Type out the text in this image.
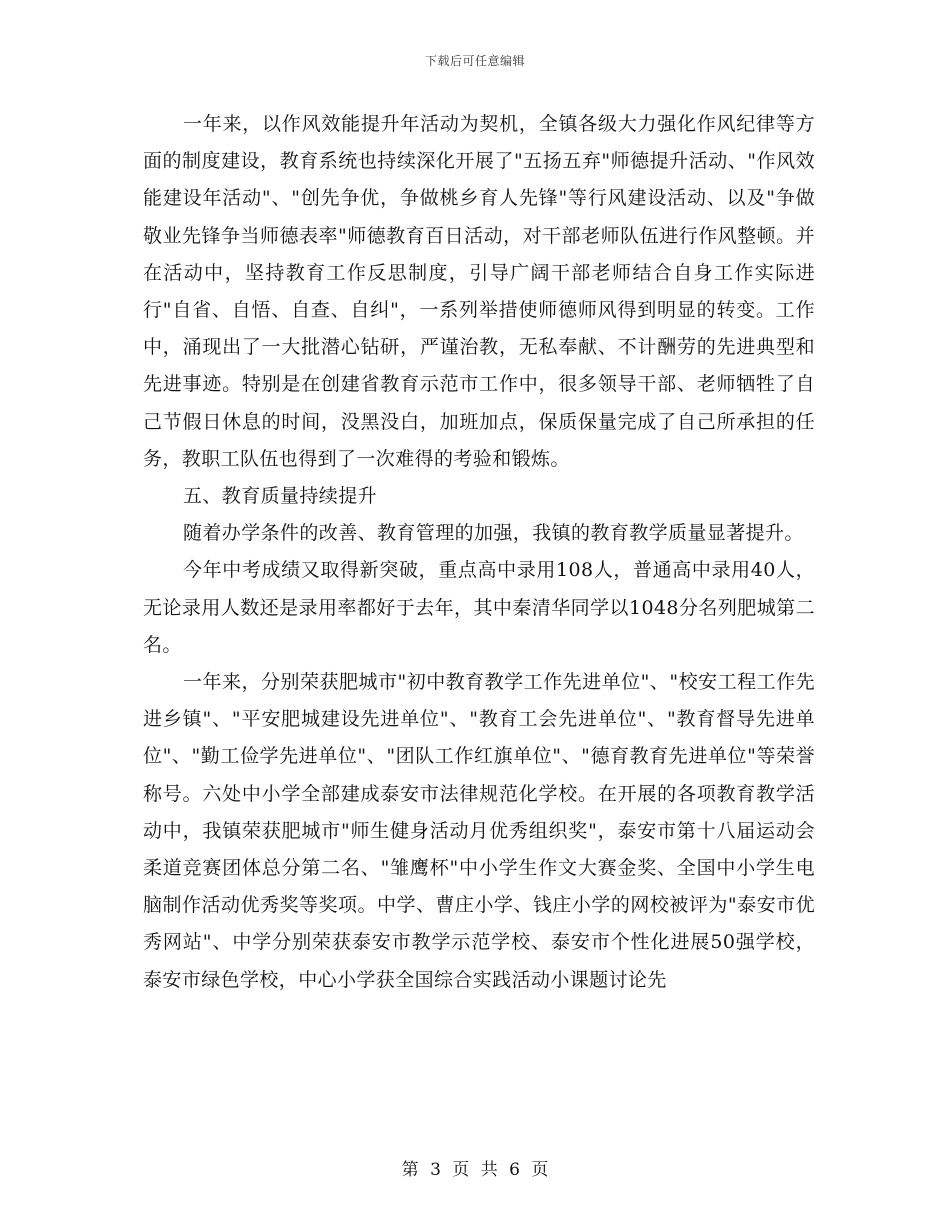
下载后可任意编辑

一年来，以作风效能提升年活动为契机，全镇各级大力强化作风纪律等方面的制度建设，教育系统也持续深化开展了"五扬五弃"师德提升活动、"作风效能建设年活动"、"创先争优，争做桃乡育人先锋"等行风建设活动、以及"争做敬业先锋争当师德表率"师德教育百日活动，对干部老师队伍进行作风整顿。并在活动中，坚持教育工作反思制度，引导广阔干部老师结合自身工作实际进行"自省、自悟、自查、自纠"，一系列举措使师德师风得到明显的转变。工作中，涌现出了一大批潜心钻研，严谨治教，无私奉献、不计酬劳的先进典型和先进事迹。特别是在创建省教育示范市工作中，很多领导干部、老师牺牲了自己节假日休息的时间，没黑没白，加班加点，保质保量完成了自己所承担的任务，教职工队伍也得到了一次难得的考验和锻炼。

五、教育质量持续提升

随着办学条件的改善、教育管理的加强，我镇的教育教学质量显著提升。

今年中考成绩又取得新突破，重点高中录用108人，普通高中录用40人，无论录用人数还是录用率都好于去年，其中秦清华同学以1048分名列肥城第二名。

一年来，分别荣获肥城市"初中教育教学工作先进单位"、"校安工程工作先进乡镇"、"平安肥城建设先进单位"、"教育工会先进单位"、"教育督导先进单位"、"勤工俭学先进单位"、"团队工作红旗单位"、"德育教育先进单位"等荣誉称号。六处中小学全部建成泰安市法律规范化学校。在开展的各项教育教学活动中，我镇荣获肥城市"师生健身活动月优秀组织奖"，泰安市第十八届运动会柔道竞赛团体总分第二名、"雏鹰杯"中小学生作文大赛金奖、全国中小学生电脑制作活动优秀奖等奖项。中学、曹庄小学、钱庄小学的网校被评为"泰安市优秀网站"、中学分别荣获泰安市教学示范学校、泰安市个性化进展50强学校，泰安市绿色学校，中心小学获全国综合实践活动小课题讨论先

第 3 页 共 6 页
